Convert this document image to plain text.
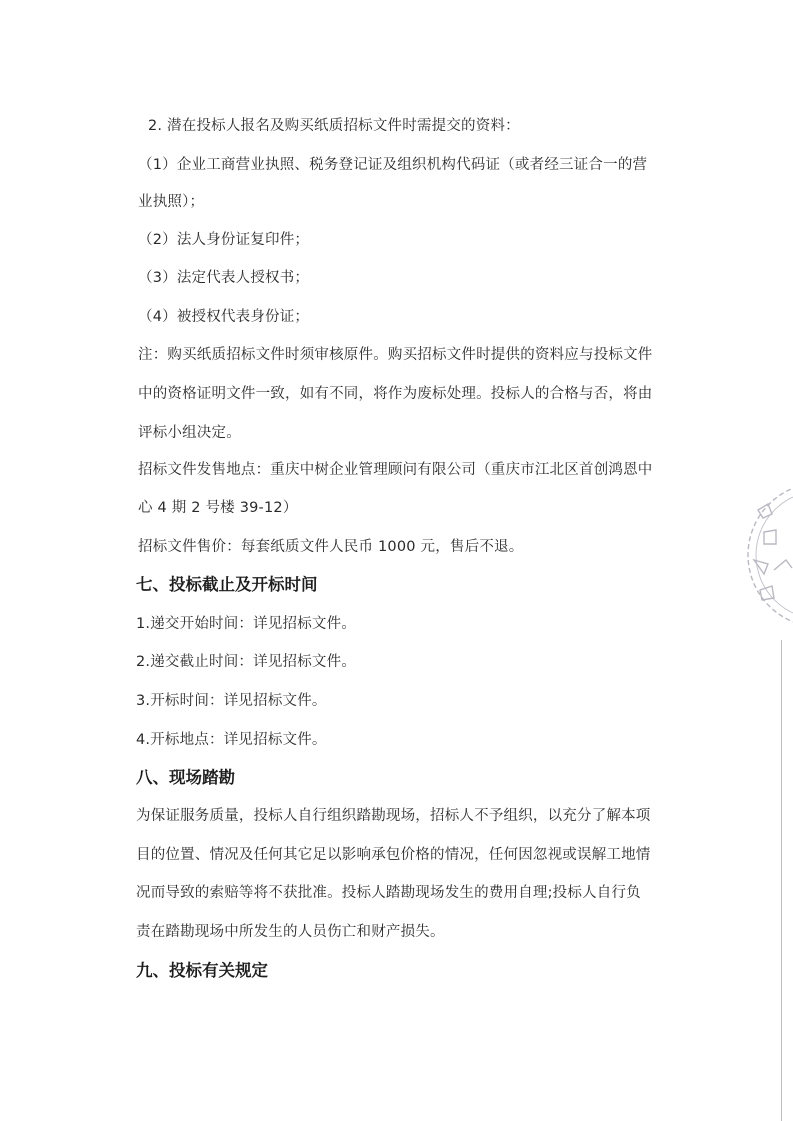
2. 潜在投标人报名及购买纸质招标文件时需提交的资料：
（1）企业工商营业执照、税务登记证及组织机构代码证（或者经三证合一的营
业执照）；
（2）法人身份证复印件；
（3）法定代表人授权书；
（4）被授权代表身份证；
注：购买纸质招标文件时须审核原件。购买招标文件时提供的资料应与投标文件
中的资格证明文件一致，如有不同，将作为废标处理。投标人的合格与否，将由
评标小组决定。
招标文件发售地点：重庆中树企业管理顾问有限公司（重庆市江北区首创鸿恩中
心 4 期 2 号楼 39-12）
招标文件售价：每套纸质文件人民币 1000 元，售后不退。
七、投标截止及开标时间
1.递交开始时间：详见招标文件。
2.递交截止时间：详见招标文件。
3.开标时间：详见招标文件。
4.开标地点：详见招标文件。
八、现场踏勘
为保证服务质量，投标人自行组织踏勘现场，招标人不予组织，以充分了解本项
目的位置、情况及任何其它足以影响承包价格的情况，任何因忽视或误解工地情
况而导致的索赔等将不获批准。投标人踏勘现场发生的费用自理;投标人自行负
责在踏勘现场中所发生的人员伤亡和财产损失。
九、投标有关规定
